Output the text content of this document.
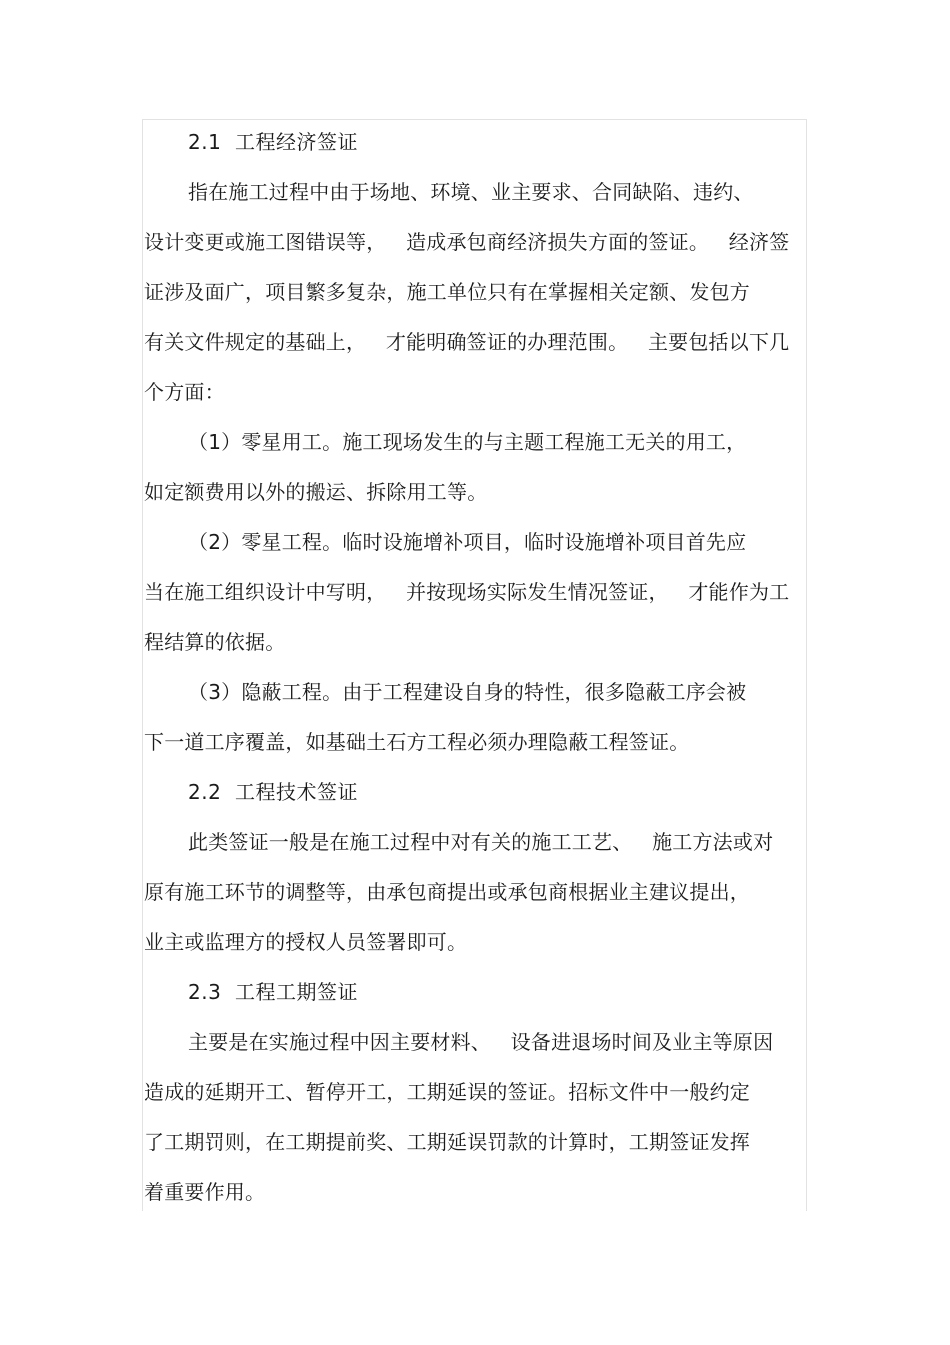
2.1  工程经济签证
指在施工过程中由于场地、环境、业主要求、合同缺陷、违约、
设计变更或施工图错误等，   造成承包商经济损失方面的签证。   经济签
证涉及面广，项目繁多复杂，施工单位只有在掌握相关定额、发包方
有关文件规定的基础上，   才能明确签证的办理范围。   主要包括以下几
个方面：
（1）零星用工。施工现场发生的与主题工程施工无关的用工，
如定额费用以外的搬运、拆除用工等。
（2）零星工程。临时设施增补项目，临时设施增补项目首先应
当在施工组织设计中写明，   并按现场实际发生情况签证，   才能作为工
程结算的依据。
（3）隐蔽工程。由于工程建设自身的特性，很多隐蔽工序会被
下一道工序覆盖，如基础土石方工程必须办理隐蔽工程签证。
2.2  工程技术签证
此类签证一般是在施工过程中对有关的施工工艺、   施工方法或对
原有施工环节的调整等，由承包商提出或承包商根据业主建议提出，
业主或监理方的授权人员签署即可。
2.3  工程工期签证
主要是在实施过程中因主要材料、   设备进退场时间及业主等原因
造成的延期开工、暂停开工，工期延误的签证。招标文件中一般约定
了工期罚则，在工期提前奖、工期延误罚款的计算时，工期签证发挥
着重要作用。
